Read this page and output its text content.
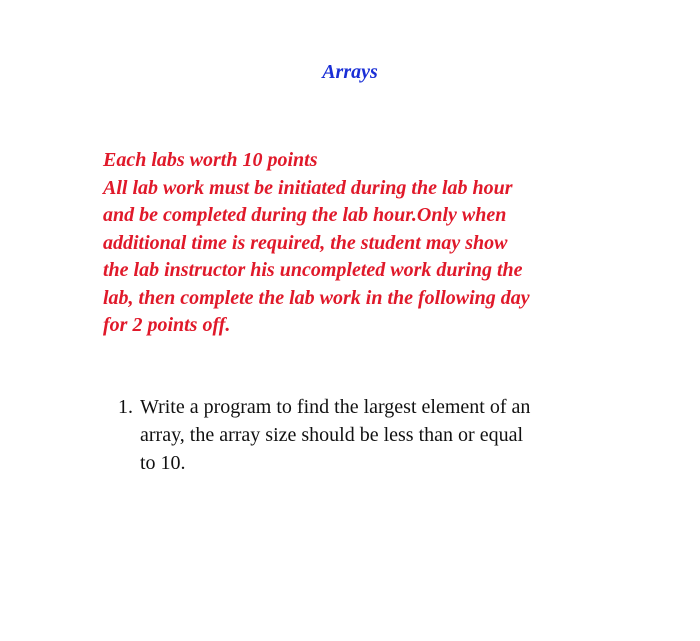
Arrays
Each labs worth 10 points
All lab work must be initiated during the lab hour
and be completed during the lab hour.Only when
additional time is required, the student may show
the lab instructor his uncompleted work during the
lab, then complete the lab work in the following day
for 2 points off.
1. Write a program to find the largest element of an
array, the array size should be less than or equal
to 10.
